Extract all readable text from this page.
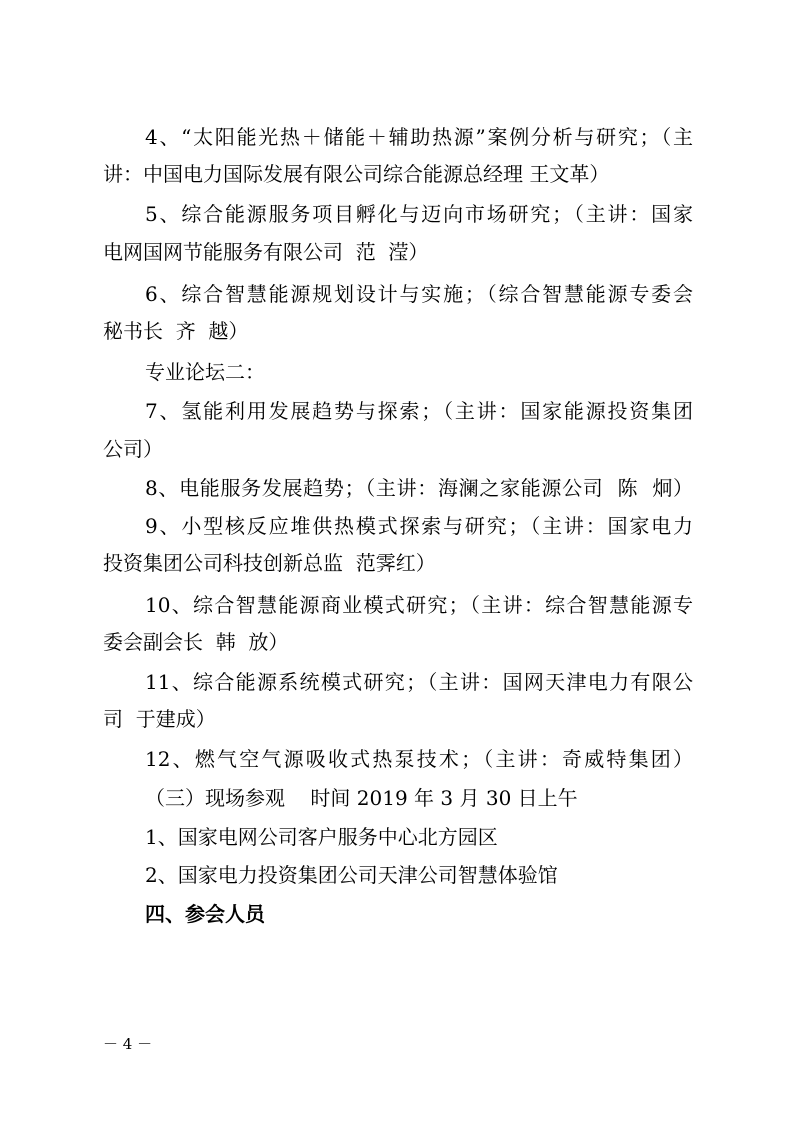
4、“太阳能光热＋储能＋辅助热源”案例分析与研究；（主
讲：中国电力国际发展有限公司综合能源总经理 王文革）
5、综合能源服务项目孵化与迈向市场研究；（主讲：国家
电网国网节能服务有限公司  范  滢）
6、综合智慧能源规划设计与实施；（综合智慧能源专委会
秘书长  齐  越）
专业论坛二：
7、氢能利用发展趋势与探索；（主讲：国家能源投资集团
公司）
8、电能服务发展趋势；（主讲：海澜之家能源公司  陈  炯）
9、小型核反应堆供热模式探索与研究；（主讲：国家电力
投资集团公司科技创新总监  范霁红）
10、综合智慧能源商业模式研究；（主讲：综合智慧能源专
委会副会长  韩  放）
11、综合能源系统模式研究；（主讲：国网天津电力有限公
司  于建成）
12、燃气空气源吸收式热泵技术；（主讲：奇威特集团）
（三）现场参观    时间 2019 年 3 月 30 日上午
1、国家电网公司客户服务中心北方园区
2、国家电力投资集团公司天津公司智慧体验馆
四、参会人员
－ 4 －
